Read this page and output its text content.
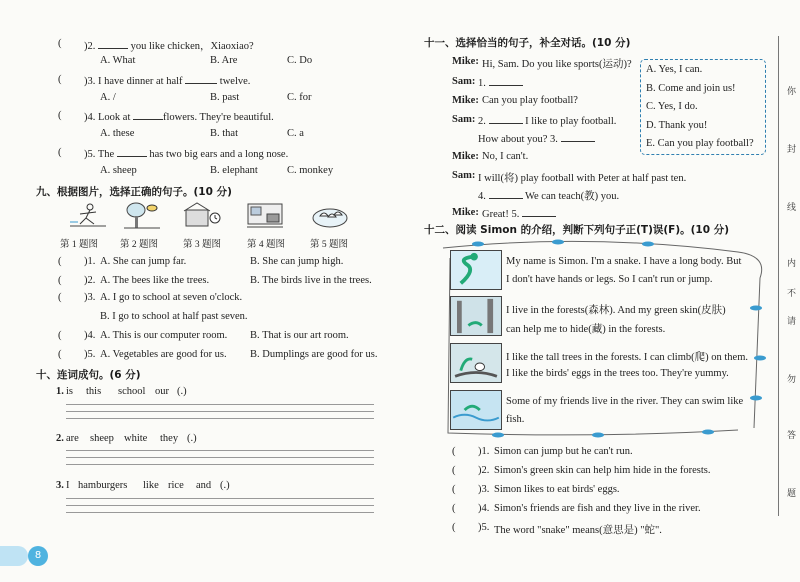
( )2.	you like chicken，Xiaoxiao?
A. What	B. Are	C. Do
( )3. I have dinner at half	twelve.
A. /	B. past	C. for
( )4. Look at	flowers. They're beautiful.
A. these	B. that	C. a
( )5. The	has two big ears and a long nose.
A. sheep	B. elephant	C. monkey
九、根据图片，选择正确的句子。(10 分)
第 1 题图 第 2 题图	第 3 题图	第 4 题图	第 5 题图
( )1. A. She can jump far.	B. She can jump high.
( )2. A. The bees like the trees.	B. The birds live in the trees.
( )3. A. I go to school at seven o'clock.
B. I go to school at half past seven.
( )4. A. This is our computer room. B. That is our art room.
( )5. A. Vegetables are good for us. B. Dumplings are good for us.
十、连词成句。(6 分)
1. is this school our (.)
2. are sheep white they (.)
3. I hamburgers like rice and (.)
8
十一、选择恰当的句子，补全对话。(10 分)
Mike: Hi, Sam. Do you like sports(运动)?
Sam: 1.
Mike: Can you play football?
Sam: 2.	I like to play football.
How about you? 3.
Mike: No, I can't.
Sam: I will(将) play football with Peter at half past ten.
4.	We can teach(教) you.
Mike: Great! 5.
A. Yes, I can.
B. Come and join us!
C. Yes, I do.
D. Thank you!
E. Can you play football?
十二、阅读 Simon 的介绍，判断下列句子正(T)误(F)。(10 分)
My name is Simon. I'm a snake. I have a long body. But
I don't have hands or legs. So I can't run or jump.
I live in the forests(森林). And my green skin(皮肤)
can help me to hide(藏) in the forests.
I like the tall trees in the forests. I can climb(爬) on them.
I like the birds' eggs in the trees too. They're yummy.
Some of my friends live in the river. They can swim like
fish.
( )1. Simon can jump but he can't run.
( )2. Simon's green skin can help him hide in the forests.
( )3. Simon likes to eat birds' eggs.
( )4. Simon's friends are fish and they live in the river.
( )5. The word "snake" means(意思是) "蛇".
你
封
线
内
不
请
勿
答
题
